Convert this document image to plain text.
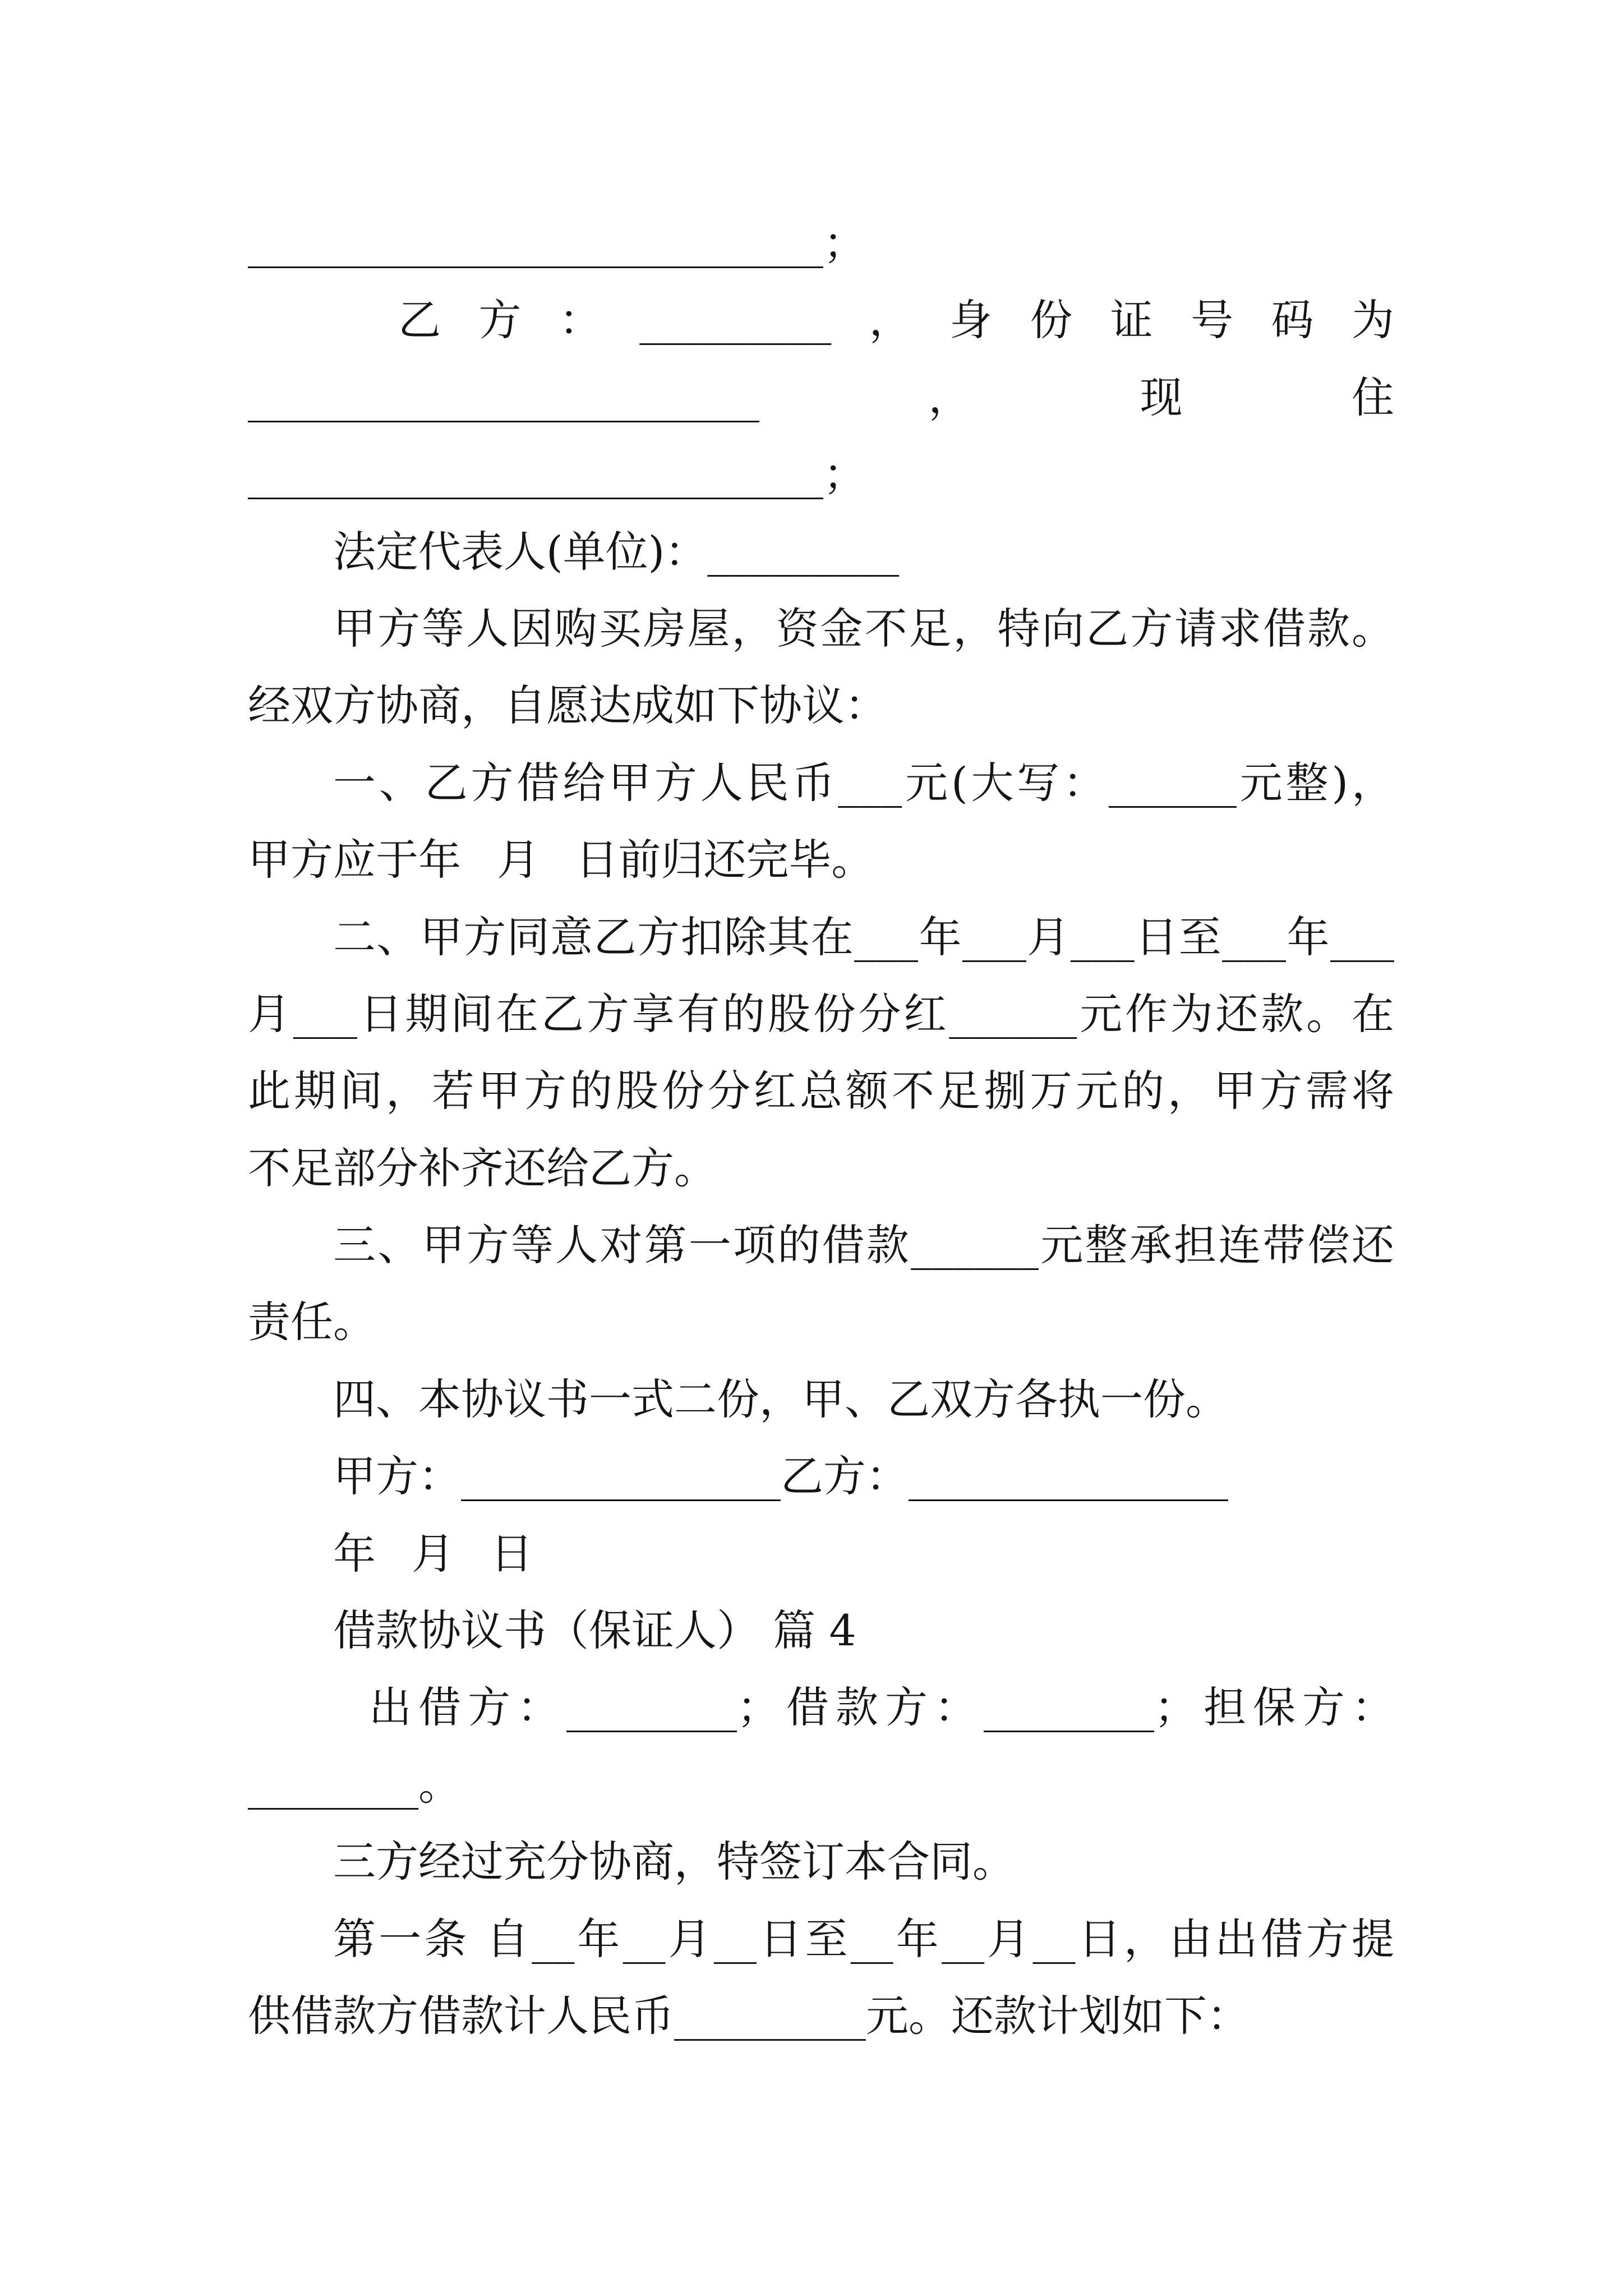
___________________________；
乙方：_________，身份证号码为
________________________，现住
___________________________；
法定代表人(单位)：_________
甲方等人因购买房屋，资金不足，特向乙方请求借款。
经双方协商，自愿达成如下协议：
一、乙方借给甲方人民币___元(大写：______元整)，
甲方应于年 月 日前归还完毕。
二、甲方同意乙方扣除其在___年___月___日至___年___
月___日期间在乙方享有的股份分红______元作为还款。在
此期间，若甲方的股份分红总额不足捌万元的，甲方需将
不足部分补齐还给乙方。
三、甲方等人对第一项的借款______元整承担连带偿还
责任。
四、本协议书一式二份，甲、乙双方各执一份。
甲方：_______________乙方：_______________
年 月 日
借款协议书（保证人） 篇 4
出借方：________；借款方：________；担保方：
________。
三方经过充分协商，特签订本合同。
第一条 自__年__月__日至__年__月__日，由出借方提
供借款方借款计人民币_________元。还款计划如下：
